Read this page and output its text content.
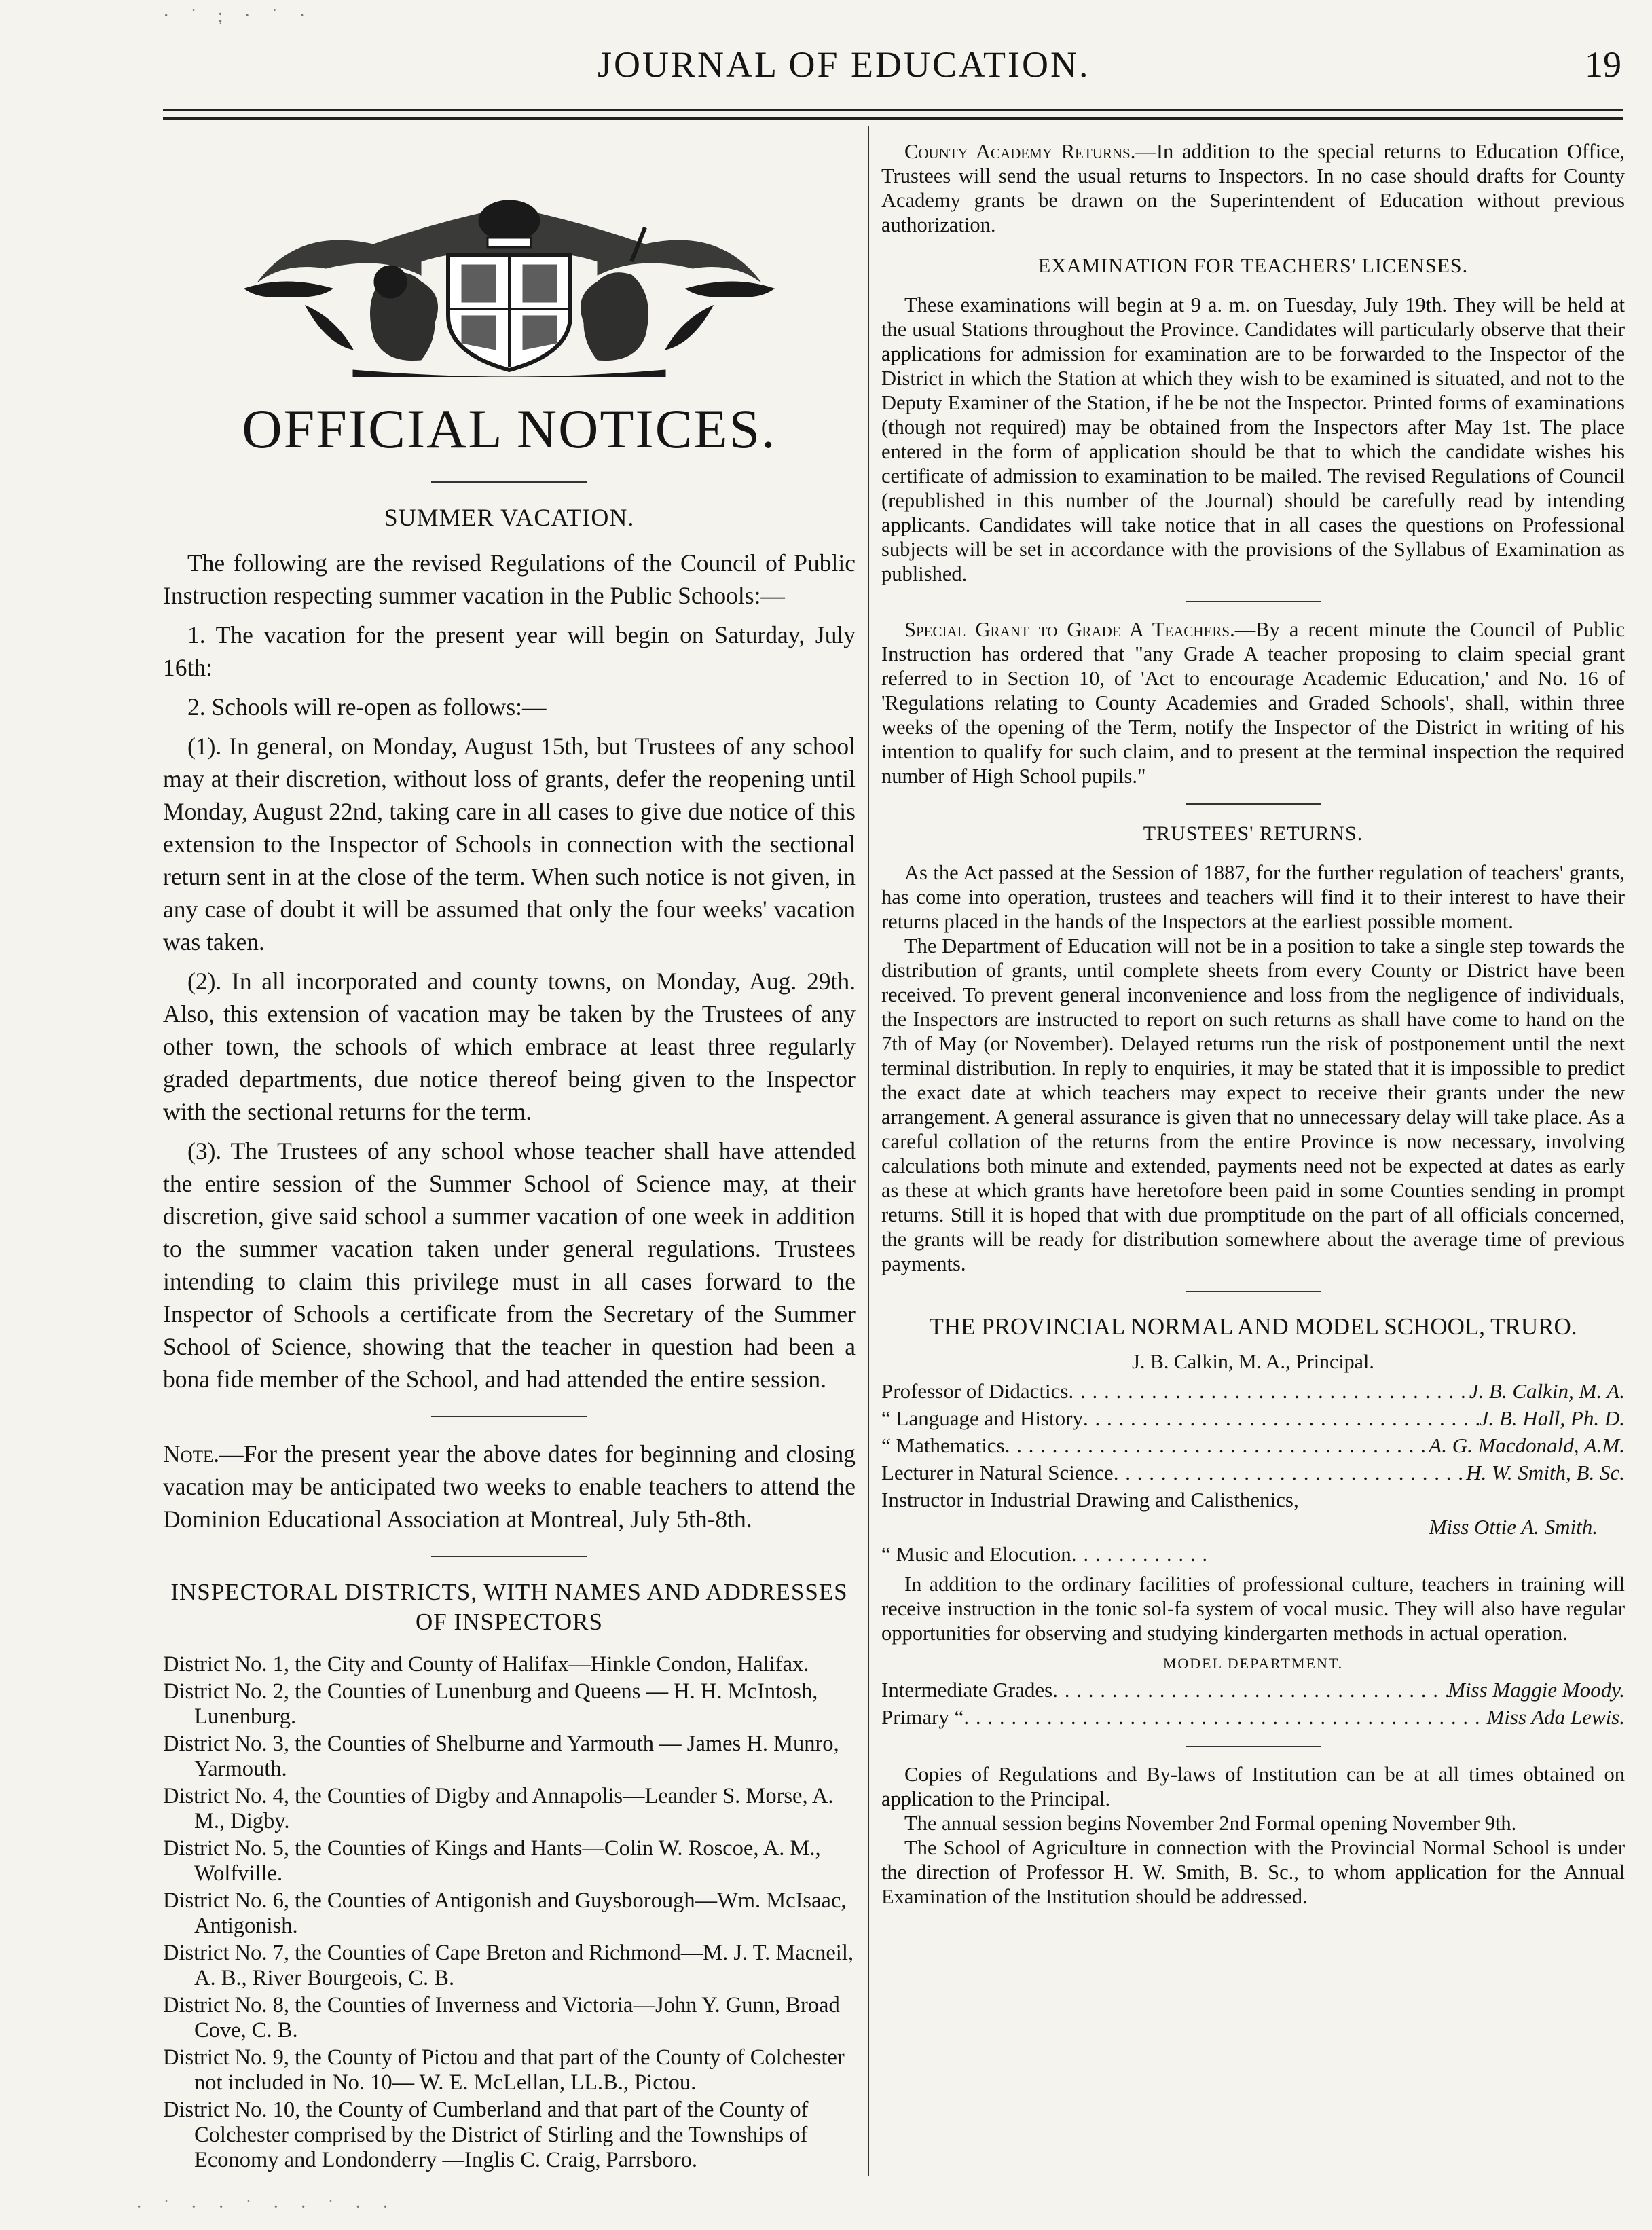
JOURNAL OF EDUCATION.	19
OFFICIAL NOTICES.
SUMMER VACATION.

The following are the revised Regulations of the Council of Public Instruction respecting summer vacation in the Public Schools:—

1. The vacation for the present year will begin on Saturday, July 16th:

2. Schools will re-open as follows:—

(1). In general, on Monday, August 15th, but Trustees of any school may at their discretion, without loss of grants, defer the reopening until Monday, August 22nd, taking care in all cases to give due notice of this extension to the Inspector of Schools in connection with the sectional return sent in at the close of the term. When such notice is not given, in any case of doubt it will be assumed that only the four weeks' vacation was taken.

(2). In all incorporated and county towns, on Monday, Aug. 29th. Also, this extension of vacation may be taken by the Trustees of any other town, the schools of which embrace at least three regularly graded departments, due notice thereof being given to the Inspector with the sectional returns for the term.

(3). The Trustees of any school whose teacher shall have attended the entire session of the Summer School of Science may, at their discretion, give said school a summer vacation of one week in addition to the summer vacation taken under general regulations. Trustees intending to claim this privilege must in all cases forward to the Inspector of Schools a certificate from the Secretary of the Summer School of Science, showing that the teacher in question had been a bona fide member of the School, and had attended the entire session.

Note.—For the present year the above dates for beginning and closing vacation may be anticipated two weeks to enable teachers to attend the Dominion Educational Association at Montreal, July 5th-8th.

INSPECTORAL DISTRICTS, WITH NAMES AND ADDRESSES OF INSPECTORS
District No. 1, the City and County of Halifax—Hinkle Condon, Halifax.
District No. 2, the Counties of Lunenburg and Queens — H. H. McIntosh, Lunenburg.
District No. 3, the Counties of Shelburne and Yarmouth — James H. Munro, Yarmouth.
District No. 4, the Counties of Digby and Annapolis—Leander S. Morse, A. M., Digby.
District No. 5, the Counties of Kings and Hants—Colin W. Roscoe, A. M., Wolfville.
District No. 6, the Counties of Antigonish and Guysborough—Wm. McIsaac, Antigonish.
District No. 7, the Counties of Cape Breton and Richmond—M. J. T. Macneil, A. B., River Bourgeois, C. B.
District No. 8, the Counties of Inverness and Victoria—John Y. Gunn, Broad Cove, C. B.
District No. 9, the County of Pictou and that part of the County of Colchester not included in No. 10— W. E. McLellan, LL.B., Pictou.
District No. 10, the County of Cumberland and that part of the County of Colchester comprised by the District of Stirling and the Townships of Economy and Londonderry —Inglis C. Craig, Parrsboro.

County Academy Returns.—In addition to the special returns to Education Office, Trustees will send the usual returns to Inspectors. In no case should drafts for County Academy grants be drawn on the Superintendent of Education without previous authorization.

EXAMINATION FOR TEACHERS' LICENSES.

These examinations will begin at 9 a. m. on Tuesday, July 19th. They will be held at the usual Stations throughout the Province. Candidates will particularly observe that their applications for admission for examination are to be forwarded to the Inspector of the District in which the Station at which they wish to be examined is situated, and not to the Deputy Examiner of the Station, if he be not the Inspector. Printed forms of examinations (though not required) may be obtained from the Inspectors after May 1st. The place entered in the form of application should be that to which the candidate wishes his certificate of admission to examination to be mailed. The revised Regulations of Council (republished in this number of the Journal) should be carefully read by intending applicants. Candidates will take notice that in all cases the questions on Professional subjects will be set in accordance with the provisions of the Syllabus of Examination as published.

Special Grant to Grade A Teachers.—By a recent minute the Council of Public Instruction has ordered that "any Grade A teacher proposing to claim special grant referred to in Section 10, of 'Act to encourage Academic Education,' and No. 16 of 'Regulations relating to County Academies and Graded Schools', shall, within three weeks of the opening of the Term, notify the Inspector of the District in writing of his intention to qualify for such claim, and to present at the terminal inspection the required number of High School pupils."

TRUSTEES' RETURNS.

As the Act passed at the Session of 1887, for the further regulation of teachers' grants, has come into operation, trustees and teachers will find it to their interest to have their returns placed in the hands of the Inspectors at the earliest possible moment.

The Department of Education will not be in a position to take a single step towards the distribution of grants, until complete sheets from every County or District have been received. To prevent general inconvenience and loss from the negligence of individuals, the Inspectors are instructed to report on such returns as shall have come to hand on the 7th of May (or November). Delayed returns run the risk of postponement until the next terminal distribution. In reply to enquiries, it may be stated that it is impossible to predict the exact date at which teachers may expect to receive their grants under the new arrangement. A general assurance is given that no unnecessary delay will take place. As a careful collation of the returns from the entire Province is now necessary, involving calculations both minute and extended, payments need not be expected at dates as early as these at which grants have heretofore been paid in some Counties sending in prompt returns. Still it is hoped that with due promptitude on the part of all officials concerned, the grants will be ready for distribution somewhere about the average time of previous payments.

THE PROVINCIAL NORMAL AND MODEL SCHOOL, TRURO.
J. B. Calkin, M. A., Principal.
Professor of Didactics . . .	J. B. Calkin, M. A.
“ Language and History . . .	J. B. Hall, Ph. D.
“ Mathematics . . .	A. G. Macdonald, A.M.
Lecturer in Natural Science . . .	H. W. Smith, B. Sc.
Instructor in Industrial Drawing and Calisthenics,
Miss Ottie A. Smith.
“ Music and Elocution
. . .

In addition to the ordinary facilities of professional culture, teachers in training will receive instruction in the tonic sol-fa system of vocal music. They will also have regular opportunities for observing and studying kindergarten methods in actual operation.

MODEL DEPARTMENT.
Intermediate Grades . . .	Miss Maggie Moody.
Primary “ . . .	Miss Ada Lewis.

Copies of Regulations and By-laws of Institution can be at all times obtained on application to the Principal.

The annual session begins November 2nd Formal opening November 9th.

The School of Agriculture in connection with the Provincial Normal School is under the direction of Professor H. W. Smith, B. Sc., to whom application for the Annual Examination of the Institution should be addressed.

· ˙ ; · ˙ ·
· ˙ · · ˙ · · ˙ · ·
